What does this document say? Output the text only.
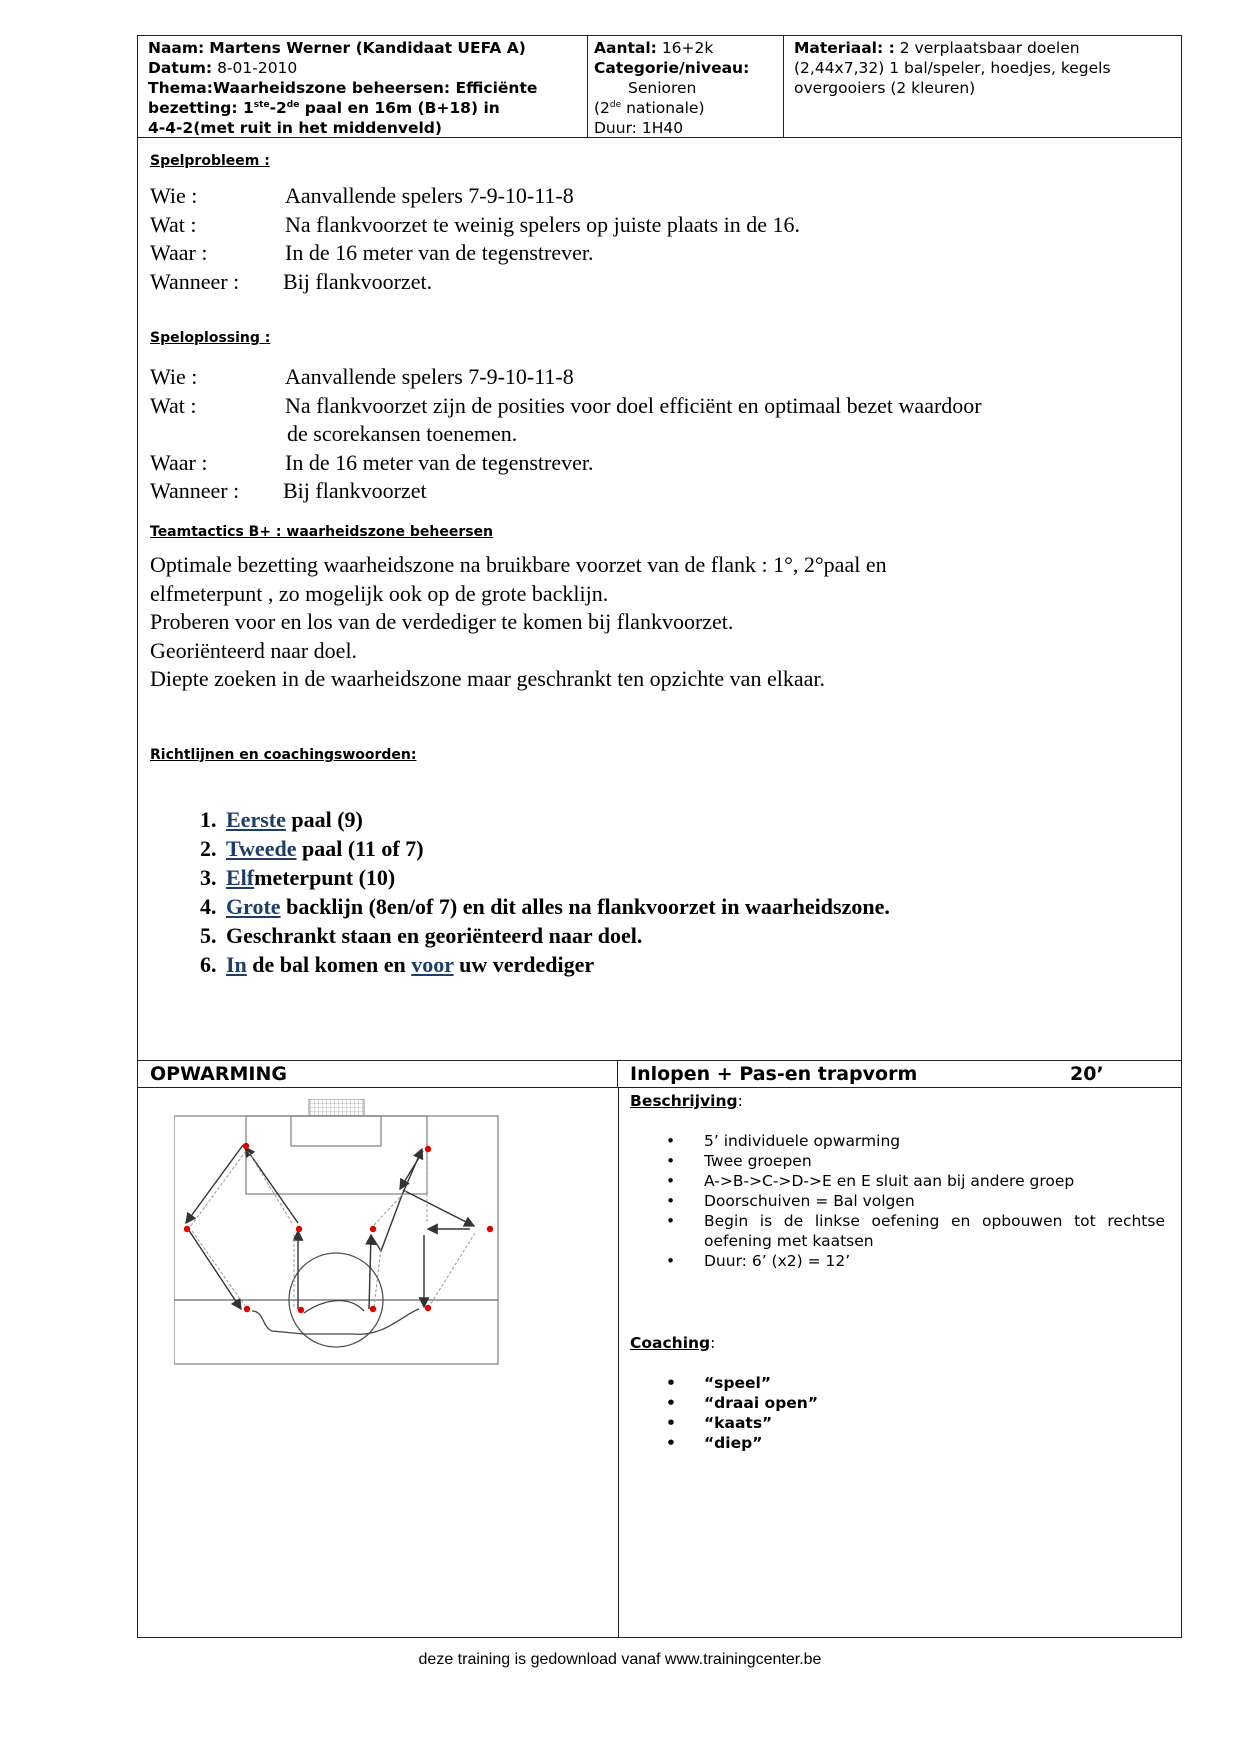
Naam: Martens Werner (Kandidaat UEFA A)
Datum: 8-01-2010
Thema:Waarheidszone beheersen: Efficiënte
bezetting: 1ste-2de paal en 16m (B+18) in
4-4-2(met ruit in het middenveld)
Aantal: 16+2k
Categorie/niveau:
Senioren
(2de nationale)
Duur: 1H40
Materiaal: : 2 verplaatsbaar doelen
(2,44x7,32) 1 bal/speler, hoedjes, kegels
overgooiers (2 kleuren)
Spelprobleem :
Wie :	Aanvallende spelers 7-9-10-11-8
Wat :	Na flankvoorzet te weinig spelers op juiste plaats in de 16.
Waar :	In de 16 meter van de tegenstrever.
Wanneer :	Bij flankvoorzet.
Speloplossing :
Wie :	Aanvallende spelers 7-9-10-11-8
Wat :	Na flankvoorzet zijn de posities voor doel efficiënt en optimaal bezet waardoor
de scorekansen toenemen.
Waar :	In de 16 meter van de tegenstrever.
Wanneer :	Bij flankvoorzet
Teamtactics B+ : waarheidszone beheersen
Optimale bezetting waarheidszone na bruikbare voorzet van de flank : 1°, 2°paal en
elfmeterpunt , zo mogelijk ook op de grote backlijn.
Proberen voor en los van de verdediger te komen bij flankvoorzet.
Georiënteerd naar doel.
Diepte zoeken in de waarheidszone maar geschrankt ten opzichte van elkaar.
Richtlijnen en coachingswoorden:
1. Eerste paal (9)
2. Tweede paal (11 of 7)
3. Elfmeterpunt (10)
4. Grote backlijn (8en/of 7) en dit alles na flankvoorzet in waarheidszone.
5. Geschrankt staan en georiënteerd naar doel.
6. In de bal komen en voor uw verdediger
OPWARMING	Inlopen + Pas-en trapvorm	20’
Beschrijving:
• 5’ individuele opwarming
• Twee groepen
• A->B->C->D->E en E sluit aan bij andere groep
• Doorschuiven = Bal volgen
• Begin is de linkse oefening en opbouwen tot rechtse oefening met kaatsen
• Duur: 6’ (x2) = 12’
Coaching:
• “speel”
• “draai open”
• “kaats”
• “diep”
deze training is gedownload vanaf www.trainingcenter.be
